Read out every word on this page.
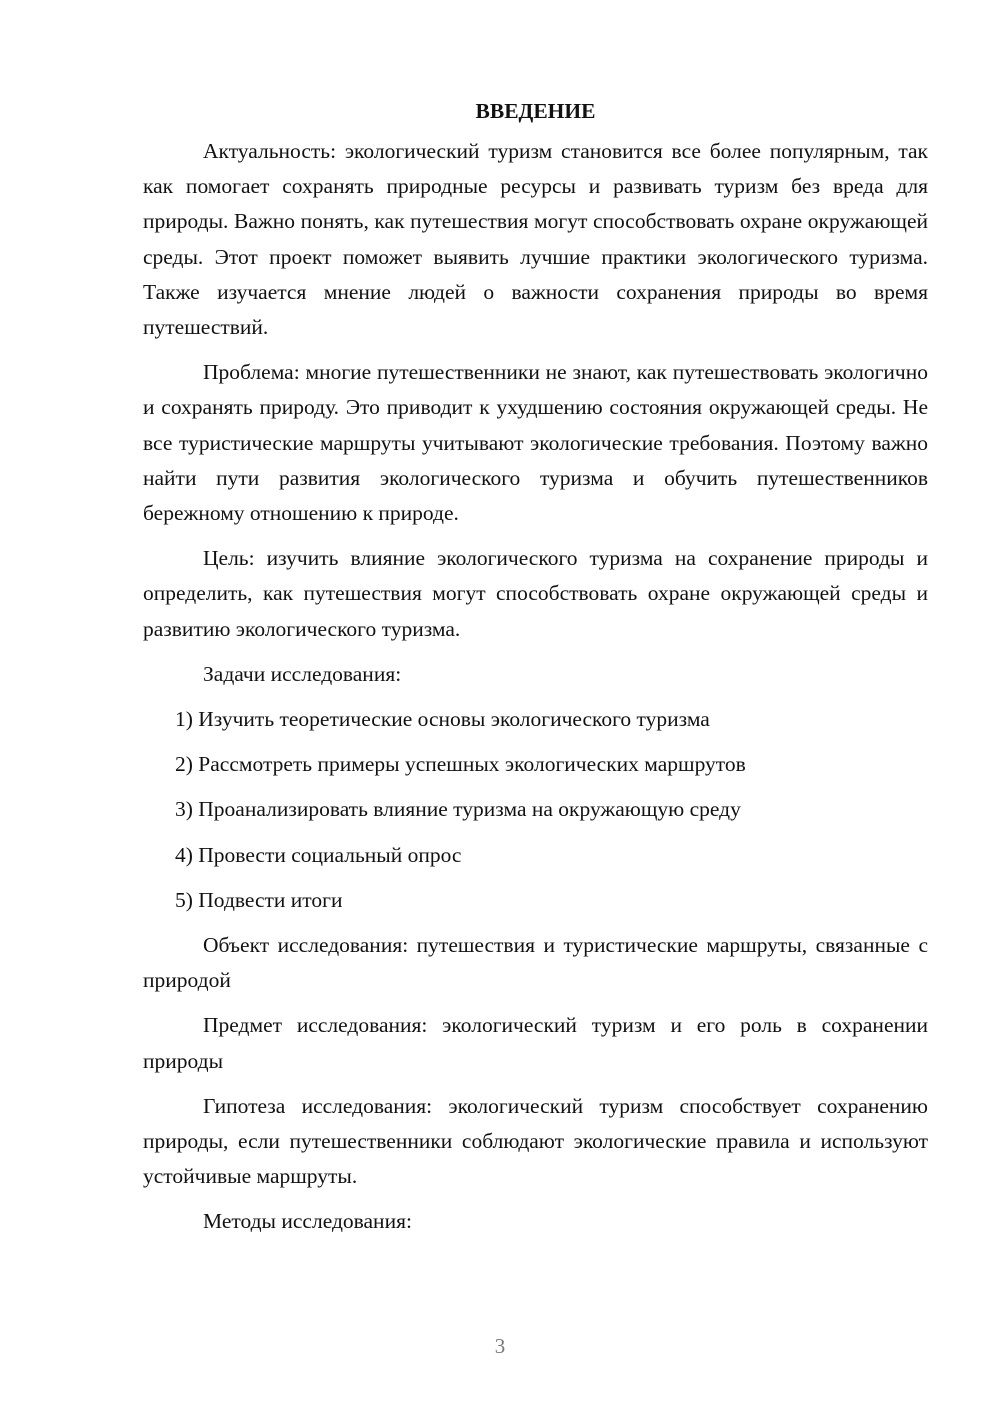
ВВЕДЕНИЕ

Актуальность: экологический туризм становится все более популярным, так как помогает сохранять природные ресурсы и развивать туризм без вреда для природы. Важно понять, как путешествия могут способствовать охране окружающей среды. Этот проект поможет выявить лучшие практики экологического туризма. Также изучается мнение людей о важности сохранения природы во время путешествий.

Проблема: многие путешественники не знают, как путешествовать экологично и сохранять природу. Это приводит к ухудшению состояния окружающей среды. Не все туристические маршруты учитывают экологические требования. Поэтому важно найти пути развития экологического туризма и обучить путешественников бережному отношению к природе.

Цель: изучить влияние экологического туризма на сохранение природы и определить, как путешествия могут способствовать охране окружающей среды и развитию экологического туризма.

Задачи исследования:

1) Изучить теоретические основы экологического туризма
2) Рассмотреть примеры успешных экологических маршрутов
3) Проанализировать влияние туризма на окружающую среду
4) Провести социальный опрос
5) Подвести итоги

Объект исследования: путешествия и туристические маршруты, связанные с природой

Предмет исследования: экологический туризм и его роль в сохранении природы

Гипотеза исследования: экологический туризм способствует сохранению природы, если путешественники соблюдают экологические правила и используют устойчивые маршруты.

Методы исследования:

3
